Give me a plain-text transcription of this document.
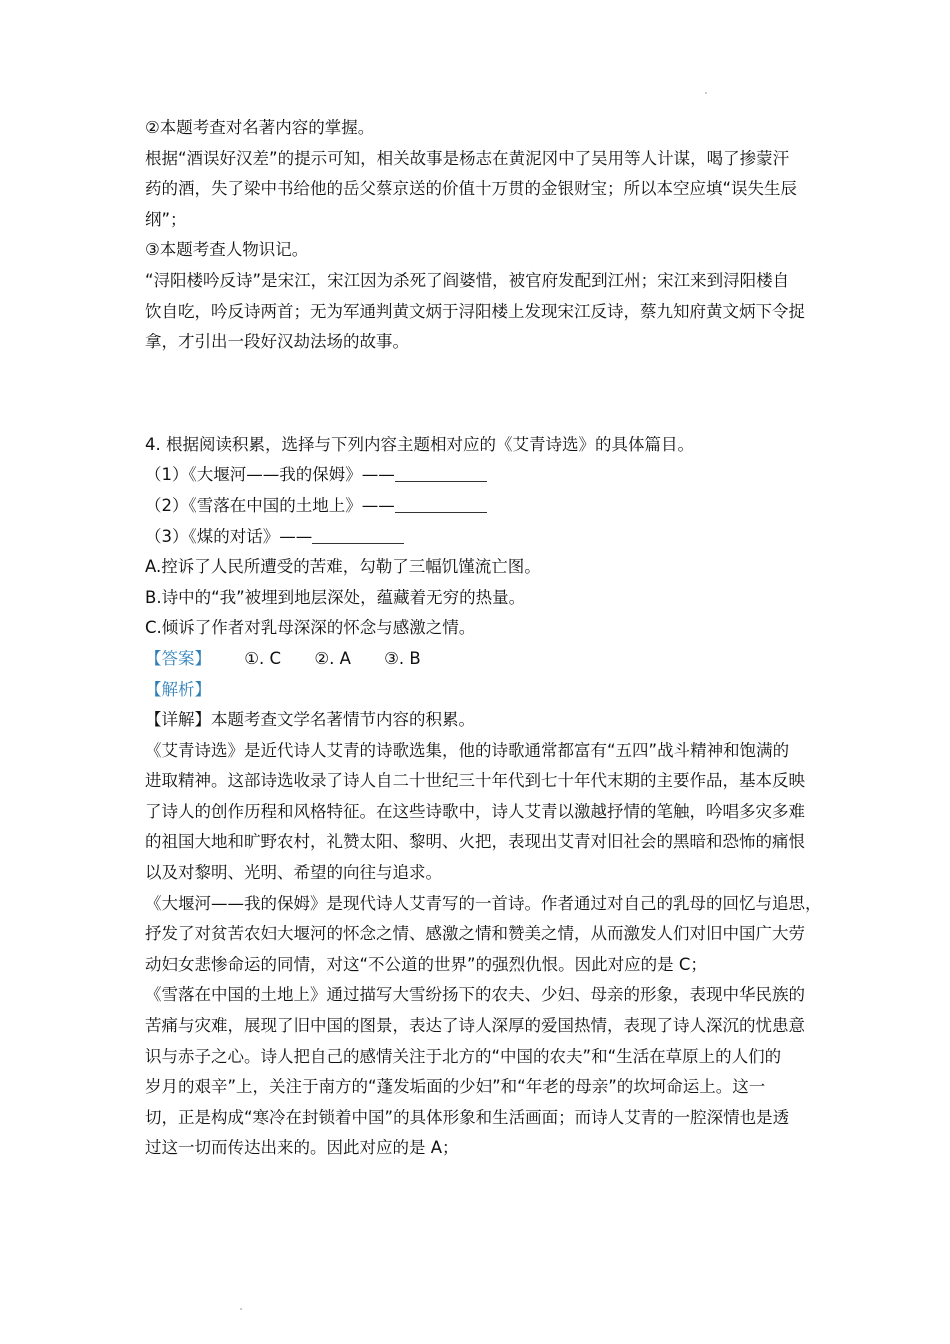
②本题考查对名著内容的掌握。

根据“酒误好汉差”的提示可知，相关故事是杨志在黄泥冈中了吴用等人计谋，喝了掺蒙汗

药的酒，失了梁中书给他的岳父蔡京送的价值十万贯的金银财宝；所以本空应填“误失生辰

纲”；

③本题考查人物识记。

“浔阳楼吟反诗”是宋江，宋江因为杀死了阎婆惜，被官府发配到江州；宋江来到浔阳楼自

饮自吃，吟反诗两首；无为军通判黄文炳于浔阳楼上发现宋江反诗，蔡九知府黄文炳下令捉

拿，才引出一段好汉劫法场的故事。

4. 根据阅读积累，选择与下列内容主题相对应的《艾青诗选》的具体篇目。

（1）《大堰河——我的保姆》——

（2）《雪落在中国的土地上》——

（3）《煤的对话》——

A.控诉了人民所遭受的苦难，勾勒了三幅饥馑流亡图。

B.诗中的“我”被埋到地层深处，蕴藏着无穷的热量。

C.倾诉了作者对乳母深深的怀念与感激之情。

【答案】 ①. C ②. A ③. B

【解析】

【详解】本题考查文学名著情节内容的积累。

《艾青诗选》是近代诗人艾青的诗歌选集，他的诗歌通常都富有“五四”战斗精神和饱满的

进取精神。这部诗选收录了诗人自二十世纪三十年代到七十年代末期的主要作品，基本反映

了诗人的创作历程和风格特征。在这些诗歌中，诗人艾青以激越抒情的笔触，吟唱多灾多难

的祖国大地和旷野农村，礼赞太阳、黎明、火把，表现出艾青对旧社会的黑暗和恐怖的痛恨

以及对黎明、光明、希望的向往与追求。

《大堰河——我的保姆》是现代诗人艾青写的一首诗。作者通过对自己的乳母的回忆与追思，

抒发了对贫苦农妇大堰河的怀念之情、感激之情和赞美之情，从而激发人们对旧中国广大劳

动妇女悲惨命运的同情，对这“不公道的世界”的强烈仇恨。因此对应的是 C；

《雪落在中国的土地上》通过描写大雪纷扬下的农夫、少妇、母亲的形象，表现中华民族的

苦痛与灾难，展现了旧中国的图景，表达了诗人深厚的爱国热情，表现了诗人深沉的忧患意

识与赤子之心。诗人把自己的感情关注于北方的“中国的农夫”和“生活在草原上的人们的

岁月的艰辛”上，关注于南方的“蓬发垢面的少妇”和“年老的母亲”的坎坷命运上。这一

切，正是构成“寒冷在封锁着中国”的具体形象和生活画面；而诗人艾青的一腔深情也是透

过这一切而传达出来的。因此对应的是 A；
